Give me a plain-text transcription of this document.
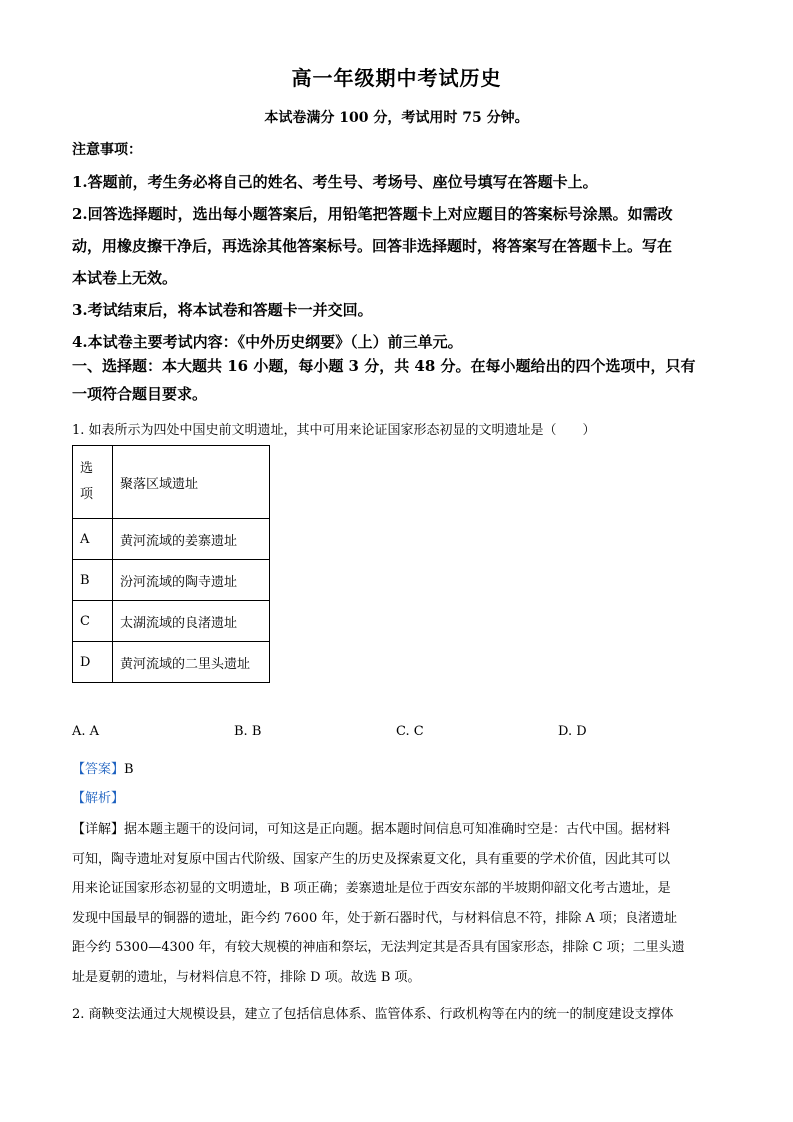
高一年级期中考试历史
本试卷满分 100 分，考试用时 75 分钟。
注意事项：
1.答题前，考生务必将自己的姓名、考生号、考场号、座位号填写在答题卡上。
2.回答选择题时，选出每小题答案后，用铅笔把答题卡上对应题目的答案标号涂黑。如需改
动，用橡皮擦干净后，再选涂其他答案标号。回答非选择题时，将答案写在答题卡上。写在
本试卷上无效。
3.考试结束后，将本试卷和答题卡一并交回。
4.本试卷主要考试内容：《中外历史纲要》（上）前三单元。
一、选择题：本大题共 16 小题，每小题 3 分，共 48 分。在每小题给出的四个选项中，只有
一项符合题目要求。
1. 如表所示为四处中国史前文明遗址，其中可用来论证国家形态初显的文明遗址是（　　）
选
项	聚落区域遗址
A	黄河流域的姜寨遗址
B	汾河流域的陶寺遗址
C	太湖流域的良渚遗址
D	黄河流域的二里头遗址
A. A	B. B	C. C	D. D
【答案】B
【解析】
【详解】据本题主题干的设问词，可知这是正向题。据本题时间信息可知准确时空是：古代中国。据材料
可知，陶寺遗址对复原中国古代阶级、国家产生的历史及探索夏文化，具有重要的学术价值，因此其可以
用来论证国家形态初显的文明遗址，B 项正确；姜寨遗址是位于西安东部的半坡期仰韶文化考古遗址，是
发现中国最早的铜器的遗址，距今约 7600 年，处于新石器时代，与材料信息不符，排除 A 项；良渚遗址
距今约 5300—4300 年，有较大规模的神庙和祭坛，无法判定其是否具有国家形态，排除 C 项；二里头遗
址是夏朝的遗址，与材料信息不符，排除 D 项。故选 B 项。
2. 商鞅变法通过大规模设县，建立了包括信息体系、监管体系、行政机构等在内的统一的制度建设支撑体
